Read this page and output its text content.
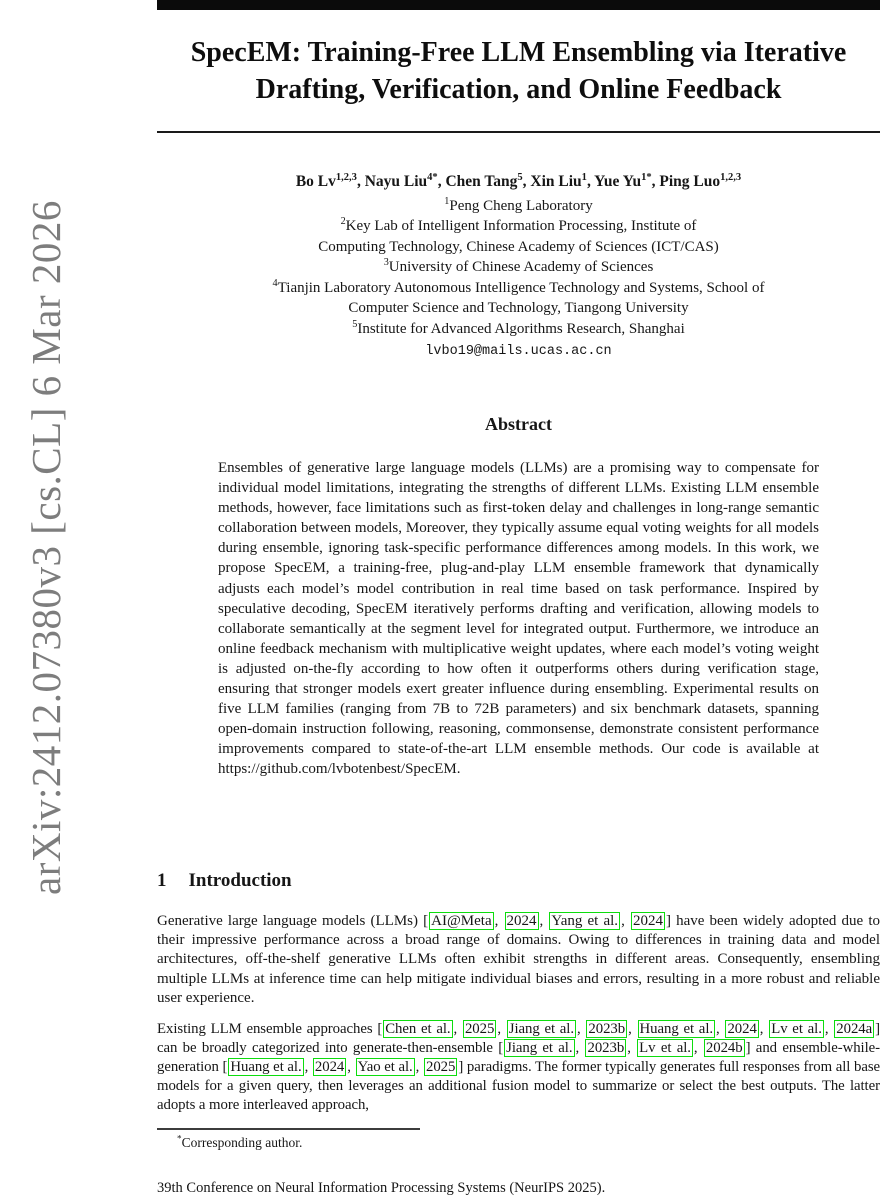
arXiv:2412.07380v3 [cs.CL] 6 Mar 2026
SpecEM: Training-Free LLM Ensembling via Iterative
Drafting, Verification, and Online Feedback
Bo Lv$^{1,2,3}$, Nayu Liu$^{4*}$, Chen Tang$^5$, Xin Liu$^1$, Yue $Yu^{1*}$, Ping Luo$^{1,2,3}$
$^1$Peng Cheng Laboratory
$^2$Key Lab of Intelligent Information Processing, Institute of
Computing Technology, Chinese Academy of Sciences (ICT/CAS)
$^3$University of Chinese Academy of Sciences
$^4$Tianjin Laboratory Autonomous Intelligence Technology and Systems, School of
Computer Science and Technology, Tiangong University
$^5$Institute for Advanced Algorithms Research, Shanghai
lvbo19@mails.ucas.ac.cn
Abstract
Ensembles of generative large language models (LLMs) are a promising way to compensate for individual model limitations, integrating the strengths of different LLMs. Existing LLM ensemble methods, however, face limitations such as first-token delay and challenges in long-range semantic collaboration between models, Moreover, they typically assume equal voting weights for all models during ensemble, ignoring task-specific performance differences among models. In this work, we propose SpecEM, a training-free, plug-and-play LLM ensemble framework that dynamically adjusts each model’s model contribution in real time based on task performance. Inspired by speculative decoding, SpecEM iteratively performs drafting and verification, allowing models to collaborate semantically at the segment level for integrated output. Furthermore, we introduce an online feedback mechanism with multiplicative weight updates, where each model’s voting weight is adjusted on-the-fly according to how often it outperforms others during verification stage, ensuring that stronger models exert greater influence during ensembling. Experimental results on five LLM families (ranging from 7B to 72B parameters) and six benchmark datasets, spanning open-domain instruction following, reasoning, commonsense, demonstrate consistent performance improvements compared to state-of-the-art LLM ensemble methods. Our code is available at https://github.com/lvbotenbest/SpecEM.
1 Introduction
Generative large language models (LLMs) [ AI@Meta , 2024 , Yang et al. , 2024 ] have been widely adopted due to their impressive performance across a broad range of domains. Owing to differences in training data and model architectures, off-the-shelf generative LLMs often exhibit strengths in different areas. Consequently, ensembling multiple LLMs at inference time can help mitigate individual biases and errors, resulting in a more robust and reliable user experience.
Existing LLM ensemble approaches [ Chen et al. , 2025 , Jiang et al. , 2023b , Huang et al. , 2024 , Lv et al. , 2024a ] can be broadly categorized into generate-then-ensemble [ Jiang et al. , 2023b , Lv et al. , 2024b ] and ensemble-while-generation [ Huang et al. , 2024 , Yao et al. , 2025 ] paradigms. The former typically generates full responses from all base models for a given query, then leverages an additional fusion model to summarize or select the best outputs. The latter adopts a more interleaved approach,
*Corresponding author.
39th Conference on Neural Information Processing Systems (NeurIPS 2025).
